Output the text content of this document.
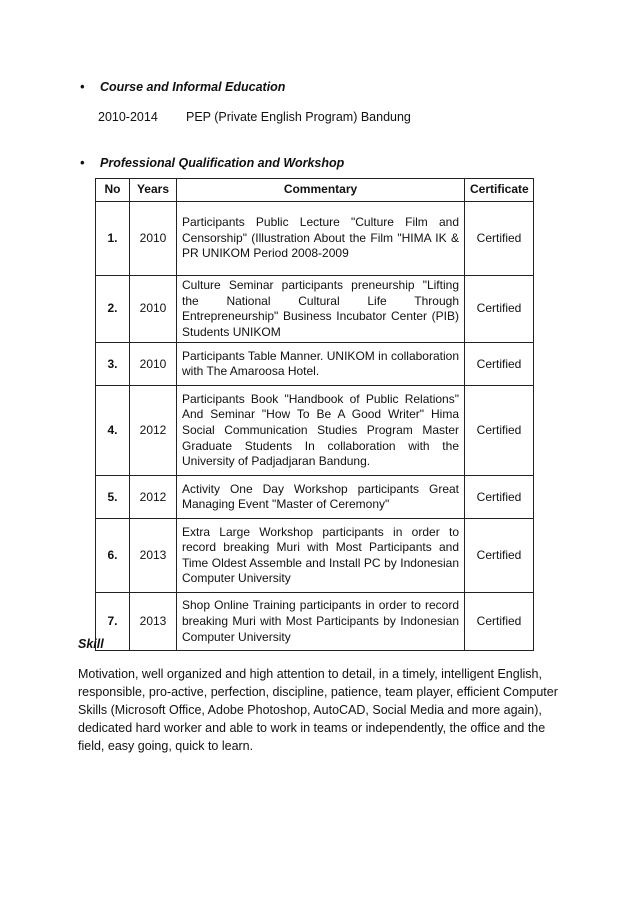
• Course and Informal Education
2010-2014 PEP (Private English Program) Bandung
• Professional Qualification and Workshop
No	Years	Commentary	Certificate
1.	2010	Participants Public Lecture "Culture Film and Censorship" (Illustration About the Film "HIMA IK & PR UNIKOM Period 2008-2009	Certified
2.	2010	Culture Seminar participants preneurship "Lifting the National Cultural Life Through Entrepreneurship" Business Incubator Center (PIB) Students UNIKOM	Certified
3.	2010	Participants Table Manner. UNIKOM in collaboration with The Amaroosa Hotel.	Certified
4.	2012	Participants Book "Handbook of Public Relations" And Seminar "How To Be A Good Writer" Hima Social Communication Studies Program Master Graduate Students In collaboration with the University of Padjadjaran Bandung.	Certified
5.	2012	Activity One Day Workshop participants Great Managing Event "Master of Ceremony"	Certified
6.	2013	Extra Large Workshop participants in order to record breaking Muri with Most Participants and Time Oldest Assemble and Install PC by Indonesian Computer University	Certified
7.	2013	Shop Online Training participants in order to record breaking Muri with Most Participants by Indonesian Computer University	Certified
Skill
Motivation, well organized and high attention to detail, in a timely, intelligent English, responsible, pro-active, perfection, discipline, patience, team player, efficient Computer Skills (Microsoft Office, Adobe Photoshop, AutoCAD, Social Media and more again), dedicated hard worker and able to work in teams or independently, the office and the field, easy going, quick to learn.
